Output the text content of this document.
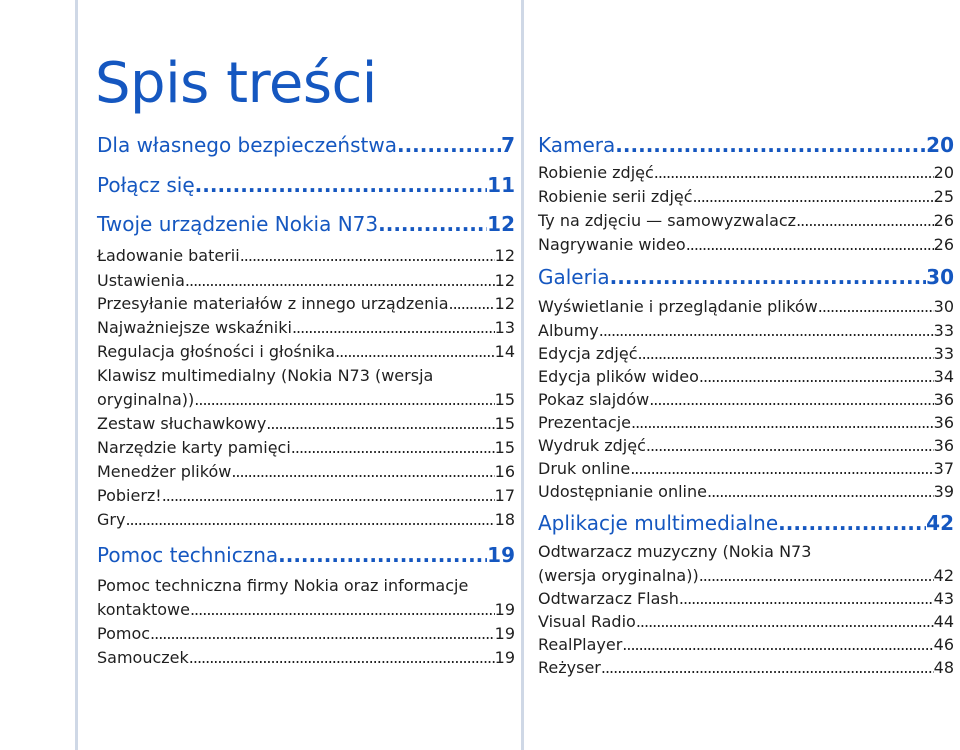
Spis treści
Dla własnego bezpieczeństwa .....	7
Połącz się .....	11
Twoje urządzenie Nokia N73 .....	12
Ładowanie baterii .....	12
Ustawienia .....	12
Przesyłanie materiałów z innego urządzenia .....	12
Najważniejsze wskaźniki .....	13
Regulacja głośności i głośnika .....	14
Klawisz multimedialny (Nokia N73 (wersja
oryginalna)) .....	15
Zestaw słuchawkowy .....	15
Narzędzie karty pamięci .....	15
Menedżer plików .....	16
Pobierz! .....	17
Gry .....	18
Pomoc techniczna .....	19
Pomoc techniczna firmy Nokia oraz informacje
kontaktowe .....	19
Pomoc .....	19
Samouczek .....	19
Kamera .....	20
Robienie zdjęć .....	20
Robienie serii zdjęć .....	25
Ty na zdjęciu — samowyzwalacz .....	26
Nagrywanie wideo .....	26
Galeria .....	30
Wyświetlanie i przeglądanie plików .....	30
Albumy .....	33
Edycja zdjęć .....	33
Edycja plików wideo .....	34
Pokaz slajdów .....	36
Prezentacje .....	36
Wydruk zdjęć .....	36
Druk online .....	37
Udostępnianie online .....	39
Aplikacje multimedialne .....	42
Odtwarzacz muzyczny (Nokia N73
(wersja oryginalna)) .....	42
Odtwarzacz Flash .....	43
Visual Radio .....	44
RealPlayer .....	46
Reżyser .....	48
